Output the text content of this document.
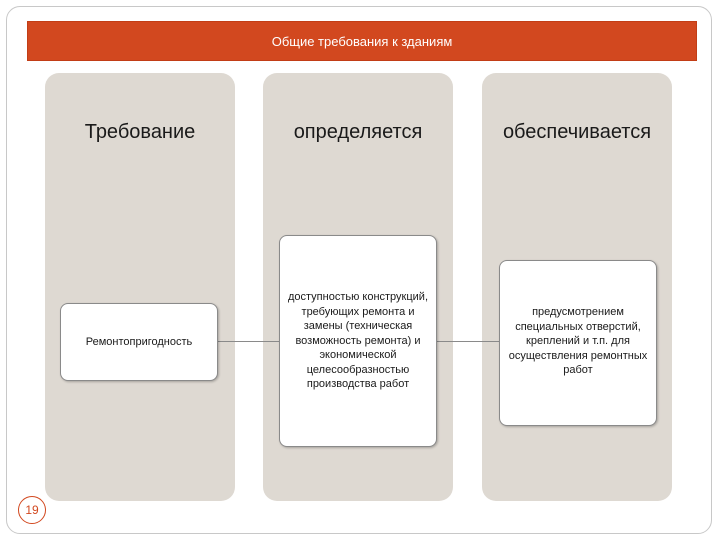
Общие требования к зданиям
Требование	определяется	обеспечивается
Ремонтопригодность
доступностью конструкций, требующих ремонта и замены (техническая возможность ремонта) и экономической целесообразностью производства работ
предусмотрением специальных отверстий, креплений и т.п. для осуществления ремонтных работ
19
